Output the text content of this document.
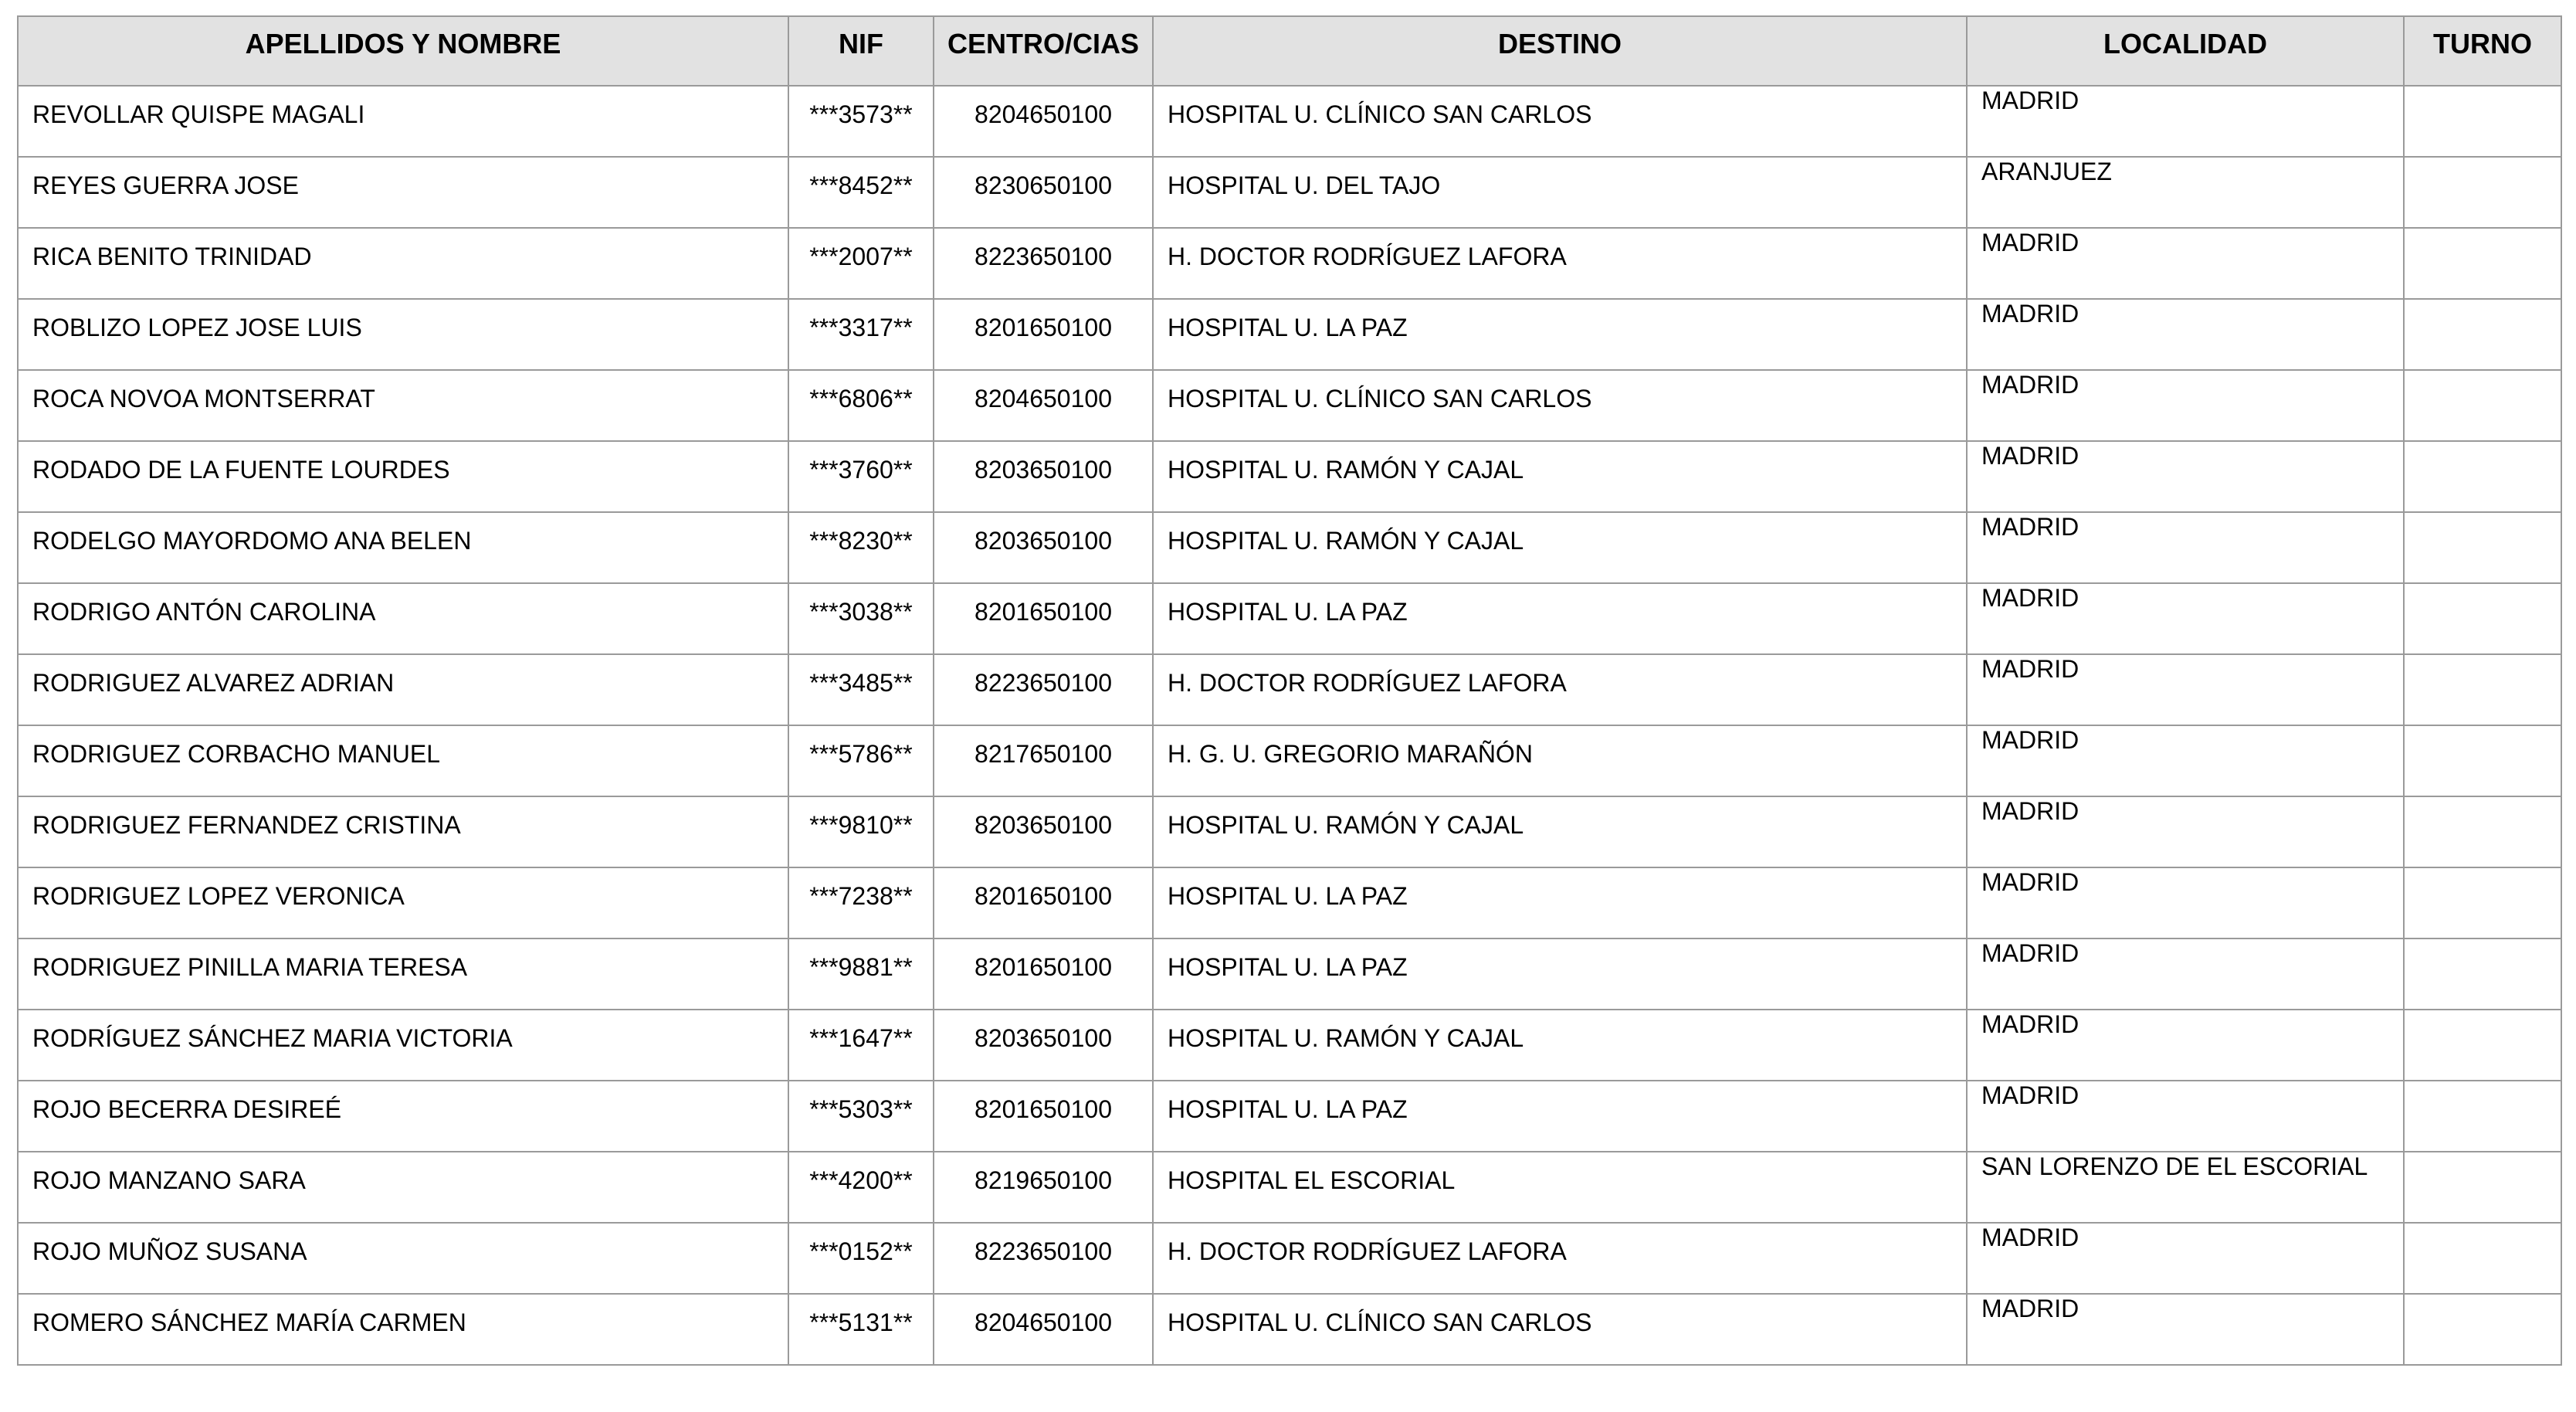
APELLIDOS Y NOMBRE	NIF	CENTRO/CIAS	DESTINO	LOCALIDAD	TURNO
REVOLLAR QUISPE MAGALI	***3573**	8204650100	HOSPITAL U. CLÍNICO SAN CARLOS	MADRID	
REYES GUERRA JOSE	***8452**	8230650100	HOSPITAL U. DEL TAJO	ARANJUEZ	
RICA BENITO TRINIDAD	***2007**	8223650100	H. DOCTOR RODRÍGUEZ LAFORA	MADRID	
ROBLIZO LOPEZ JOSE LUIS	***3317**	8201650100	HOSPITAL U. LA PAZ	MADRID	
ROCA NOVOA MONTSERRAT	***6806**	8204650100	HOSPITAL U. CLÍNICO SAN CARLOS	MADRID	
RODADO DE LA FUENTE LOURDES	***3760**	8203650100	HOSPITAL U. RAMÓN Y CAJAL	MADRID	
RODELGO MAYORDOMO ANA BELEN	***8230**	8203650100	HOSPITAL U. RAMÓN Y CAJAL	MADRID	
RODRIGO ANTÓN CAROLINA	***3038**	8201650100	HOSPITAL U. LA PAZ	MADRID	
RODRIGUEZ ALVAREZ ADRIAN	***3485**	8223650100	H. DOCTOR RODRÍGUEZ LAFORA	MADRID	
RODRIGUEZ CORBACHO MANUEL	***5786**	8217650100	H. G. U. GREGORIO MARAÑÓN	MADRID	
RODRIGUEZ FERNANDEZ CRISTINA	***9810**	8203650100	HOSPITAL U. RAMÓN Y CAJAL	MADRID	
RODRIGUEZ LOPEZ VERONICA	***7238**	8201650100	HOSPITAL U. LA PAZ	MADRID	
RODRIGUEZ PINILLA MARIA TERESA	***9881**	8201650100	HOSPITAL U. LA PAZ	MADRID	
RODRÍGUEZ SÁNCHEZ MARIA VICTORIA	***1647**	8203650100	HOSPITAL U. RAMÓN Y CAJAL	MADRID	
ROJO BECERRA DESIREÉ	***5303**	8201650100	HOSPITAL U. LA PAZ	MADRID	
ROJO MANZANO SARA	***4200**	8219650100	HOSPITAL EL ESCORIAL	SAN LORENZO DE EL ESCORIAL	
ROJO MUÑOZ SUSANA	***0152**	8223650100	H. DOCTOR RODRÍGUEZ LAFORA	MADRID	
ROMERO SÁNCHEZ MARÍA CARMEN	***5131**	8204650100	HOSPITAL U. CLÍNICO SAN CARLOS	MADRID	
